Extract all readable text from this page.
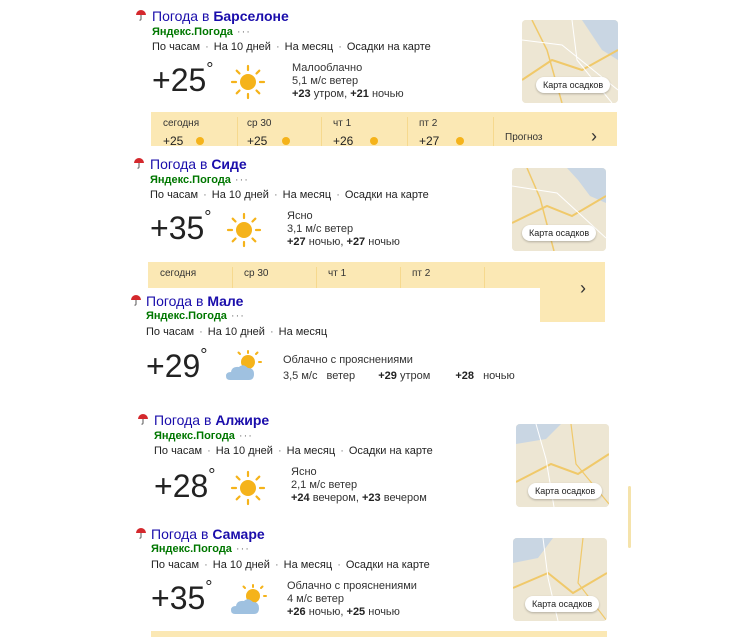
Погода в Барселоне
Яндекс.Погода ···
По часам · На 10 дней · На месяц · Осадки на карте
+25°	Малооблачно
5,1 м/с ветер
+23 утром, +21 ночью
Карта осадков
сегодня	ср 30	чт 1	пт 2
Прогноз
+25	+25	+26	+27	›
Погода в Сиде
Яндекс.Погода ···
По часам · На 10 дней · На месяц · Осадки на карте
+35°	Ясно
3,1 м/с ветер
+27 ночью, +27 ночью
Карта осадков
сегодня	ср 30	чт 1	пт 2
›
Погода в Мале
Яндекс.Погода ···
По часам · На 10 дней · На месяц
+29°	Облачно с прояснениями
3,5 м/с ветер +29 утром +28 ночью
Погода в Алжире
Яндекс.Погода ···
По часам · На 10 дней · На месяц · Осадки на карте
+28°	Ясно
2,1 м/с ветер
+24 вечером, +23 вечером
Карта осадков
Погода в Самаре
Яндекс.Погода ···
По часам · На 10 дней · На месяц · Осадки на карте
+35°	Облачно с прояснениями
4 м/с ветер
+26 ночью, +25 ночью
Карта осадков
